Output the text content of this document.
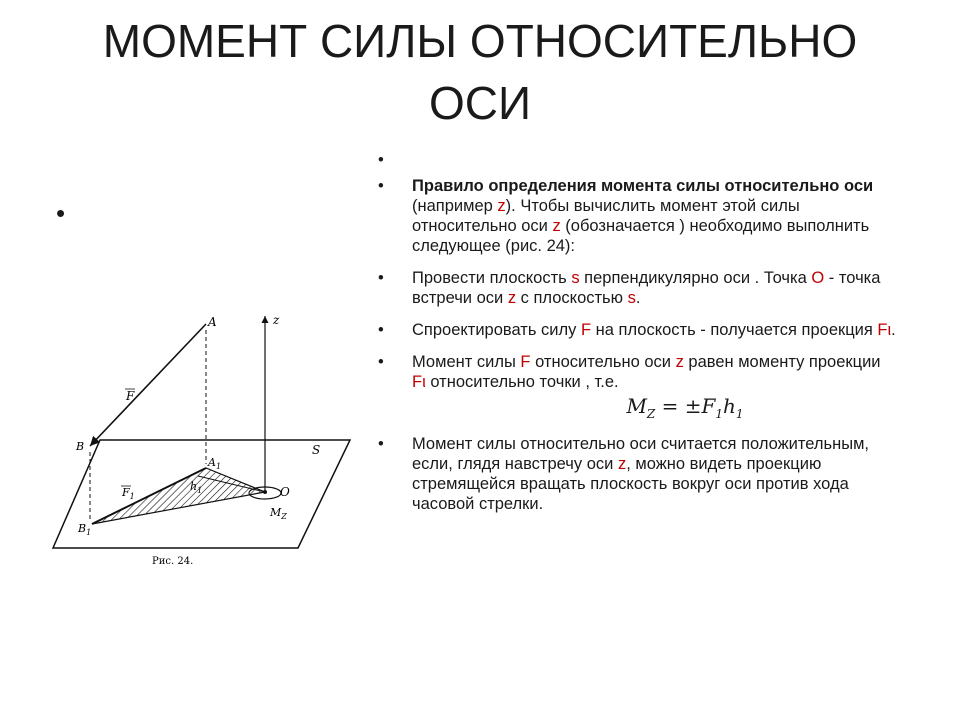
МОМЕНТ СИЛЫ ОТНОСИТЕЛЬНО ОСИ
•
A	z
F
B	S
$A_1$
$h_1$
$F_1$	O
$M_Z$
$B_1$
Рис. 24.
•
• Правило определения момента силы относительно оси (например z). Чтобы вычислить момент этой силы относительно оси z (обозначается ) необходимо выполнить следующее (рис. 24):
• Провести плоскость s перпендикулярно оси . Точка O - точка встречи оси z с плоскостью s.
• Спроектировать силу F на плоскость - получается проекция Fι.
• Момент силы F относительно оси z равен моменту проекции Fι относительно точки , т.е.
$M_Z = \pm F_1h_1$
• Момент силы относительно оси считается положительным, если, глядя навстречу оси z, можно видеть проекцию стремящейся вращать плоскость вокруг оси против хода часовой стрелки.
